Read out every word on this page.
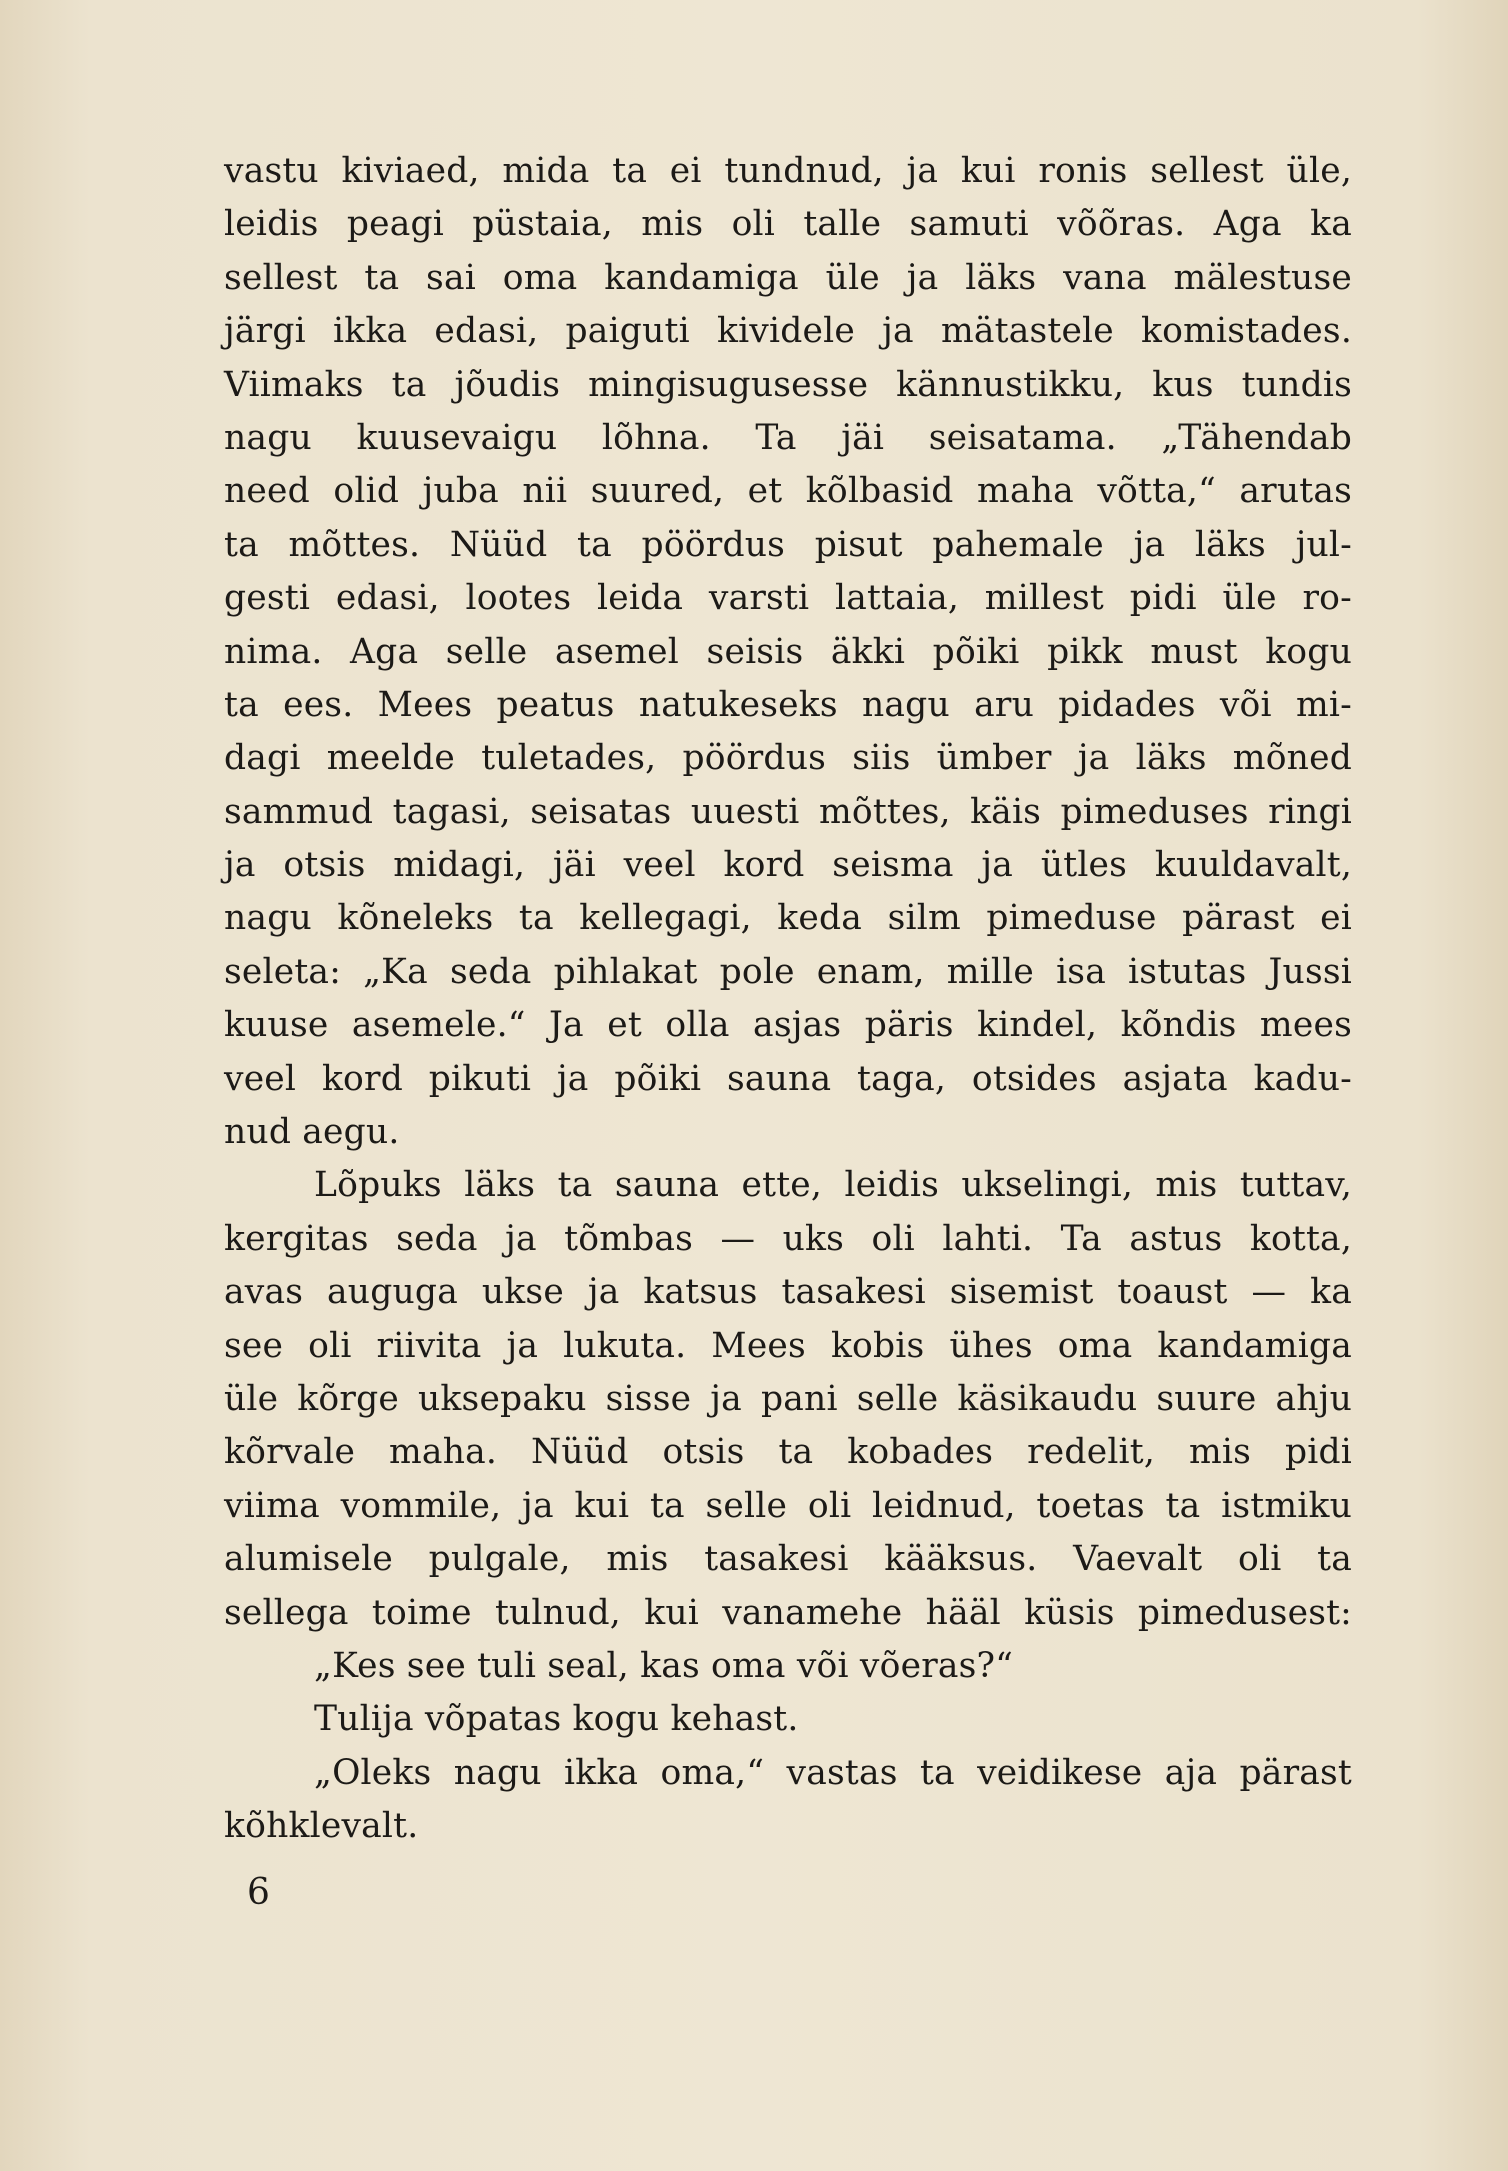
vastu kiviaed, mida ta ei tundnud, ja kui ronis sellest üle,
leidis peagi püstaia, mis oli talle samuti võõras. Aga ka
sellest ta sai oma kandamiga üle ja läks vana mälestuse
järgi ikka edasi, paiguti kividele ja mätastele komistades.
Viimaks ta jõudis mingisugusesse kännustikku, kus tundis
nagu kuusevaigu lõhna. Ta jäi seisatama. „Tähendab
need olid juba nii suured, et kõlbasid maha võtta,“ arutas
ta mõttes. Nüüd ta pöördus pisut pahemale ja läks jul-
gesti edasi, lootes leida varsti lattaia, millest pidi üle ro-
nima. Aga selle asemel seisis äkki põiki pikk must kogu
ta ees. Mees peatus natukeseks nagu aru pidades või mi-
dagi meelde tuletades, pöördus siis ümber ja läks mõned
sammud tagasi, seisatas uuesti mõttes, käis pimeduses ringi
ja otsis midagi, jäi veel kord seisma ja ütles kuuldavalt,
nagu kõneleks ta kellegagi, keda silm pimeduse pärast ei
seleta: „Ka seda pihlakat pole enam, mille isa istutas Jussi
kuuse asemele.“ Ja et olla asjas päris kindel, kõndis mees
veel kord pikuti ja põiki sauna taga, otsides asjata kadu-
nud aegu.
Lõpuks läks ta sauna ette, leidis ukselingi, mis tuttav,
kergitas seda ja tõmbas — uks oli lahti. Ta astus kotta,
avas auguga ukse ja katsus tasakesi sisemist toaust — ka
see oli riivita ja lukuta. Mees kobis ühes oma kandamiga
üle kõrge uksepaku sisse ja pani selle käsikaudu suure ahju
kõrvale maha. Nüüd otsis ta kobades redelit, mis pidi
viima vommile, ja kui ta selle oli leidnud, toetas ta istmiku
alumisele pulgale, mis tasakesi kääksus. Vaevalt oli ta
sellega toime tulnud, kui vanamehe hääl küsis pimedusest:
„Kes see tuli seal, kas oma või võeras?“
Tulija võpatas kogu kehast.
„Oleks nagu ikka oma,“ vastas ta veidikese aja pärast
kõhklevalt.
6
